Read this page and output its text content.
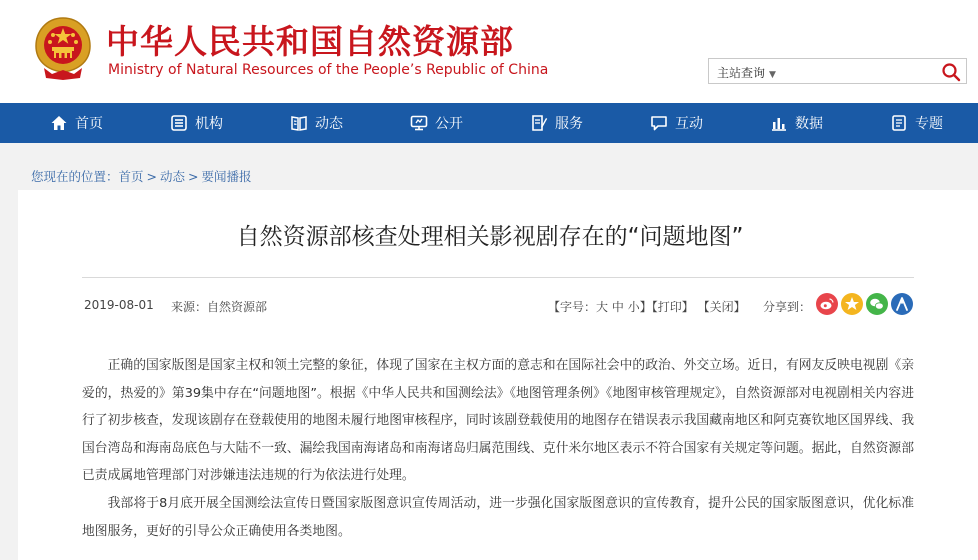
中华人民共和国自然资源部
Ministry of Natural Resources of the People’s Republic of China	主站查询 ▼
首页	机构	动态	公开	服务	互动	数据	专题
您现在的位置：首页 > 动态 > 要闻播报
自然资源部核查处理相关影视剧存在的“问题地图”
2019-08-01 来源：自然资源部	【字号：大 中 小】【打印】 【关闭】 分享到：
正确的国家版图是国家主权和领土完整的象征，体现了国家在主权方面的意志和在国际社会中的政治、外交立场。近日，有网友反映电视剧《亲爱的，热爱的》第39集中存在“问题地图”。根据《中华人民共和国测绘法》《地图管理条例》《地图审核管理规定》，自然资源部对电视剧相关内容进行了初步核查，发现该剧存在登载使用的地图未履行地图审核程序，同时该剧登载使用的地图存在错误表示我国藏南地区和阿克赛钦地区国界线、我国台湾岛和海南岛底色与大陆不一致、漏绘我国南海诸岛和南海诸岛归属范围线、克什米尔地区表示不符合国家有关规定等问题。据此，自然资源部已责成属地管理部门对涉嫌违法违规的行为依法进行处理。
我部将于8月底开展全国测绘法宣传日暨国家版图意识宣传周活动，进一步强化国家版图意识的宣传教育，提升公民的国家版图意识，优化标准地图服务，更好的引导公众正确使用各类地图。
